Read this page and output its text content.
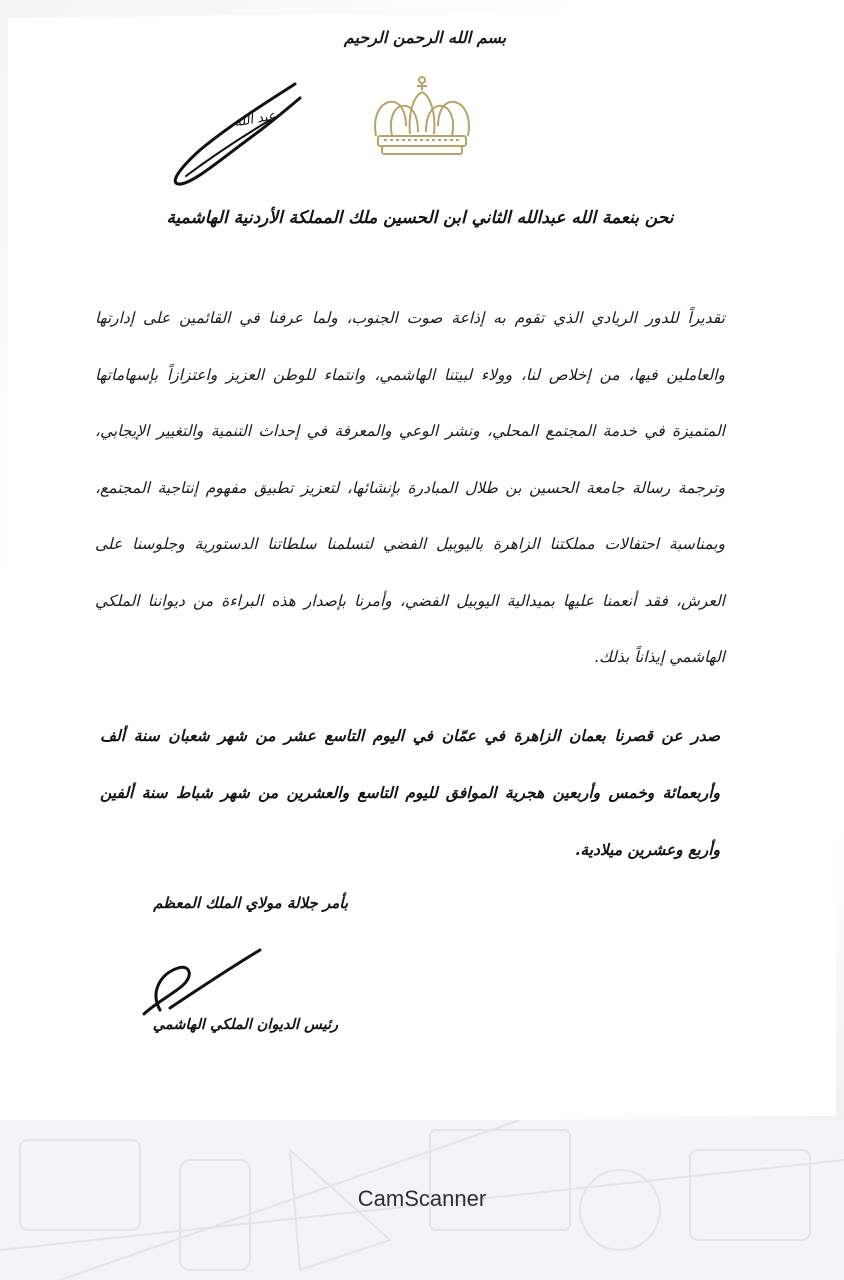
بسم الله الرحمن الرحيم
عبد الله
نحن بنعمة الله عبدالله الثاني ابن الحسين ملك المملكة الأردنية الهاشمية
تقديراً للدور الريادي الذي تقوم به إذاعة صوت الجنوب، ولما عرفنا في القائمين على إدارتها والعاملين فيها، من إخلاص لنا، وولاء لبيتنا الهاشمي، وانتماء للوطن العزيز واعتزازاً بإسهاماتها المتميزة في خدمة المجتمع المحلي، ونشر الوعي والمعرفة في إحداث التنمية والتغيير الإيجابي، وترجمة رسالة جامعة الحسين بن طلال المبادرة بإنشائها، لتعزيز تطبيق مفهوم إنتاجية المجتمع، وبمناسبة احتفالات مملكتنا الزاهرة باليوبيل الفضي لتسلمنا سلطاتنا الدستورية وجلوسنا على العرش، فقد أنعمنا عليها بميدالية اليوبيل الفضي، وأمرنا بإصدار هذه البراءة من ديواننا الملكي الهاشمي إيذاناً بذلك.
صدر عن قصرنا بعمان الزاهرة في عمّان في اليوم التاسع عشر من شهر شعبان سنة ألف وأربعمائة وخمس وأربعين هجرية الموافق لليوم التاسع والعشرين من شهر شباط سنة ألفين وأربع وعشرين ميلادية.
بأمر جلالة مولاي الملك المعظم
رئيس الديوان الملكي الهاشمي
CamScanner
